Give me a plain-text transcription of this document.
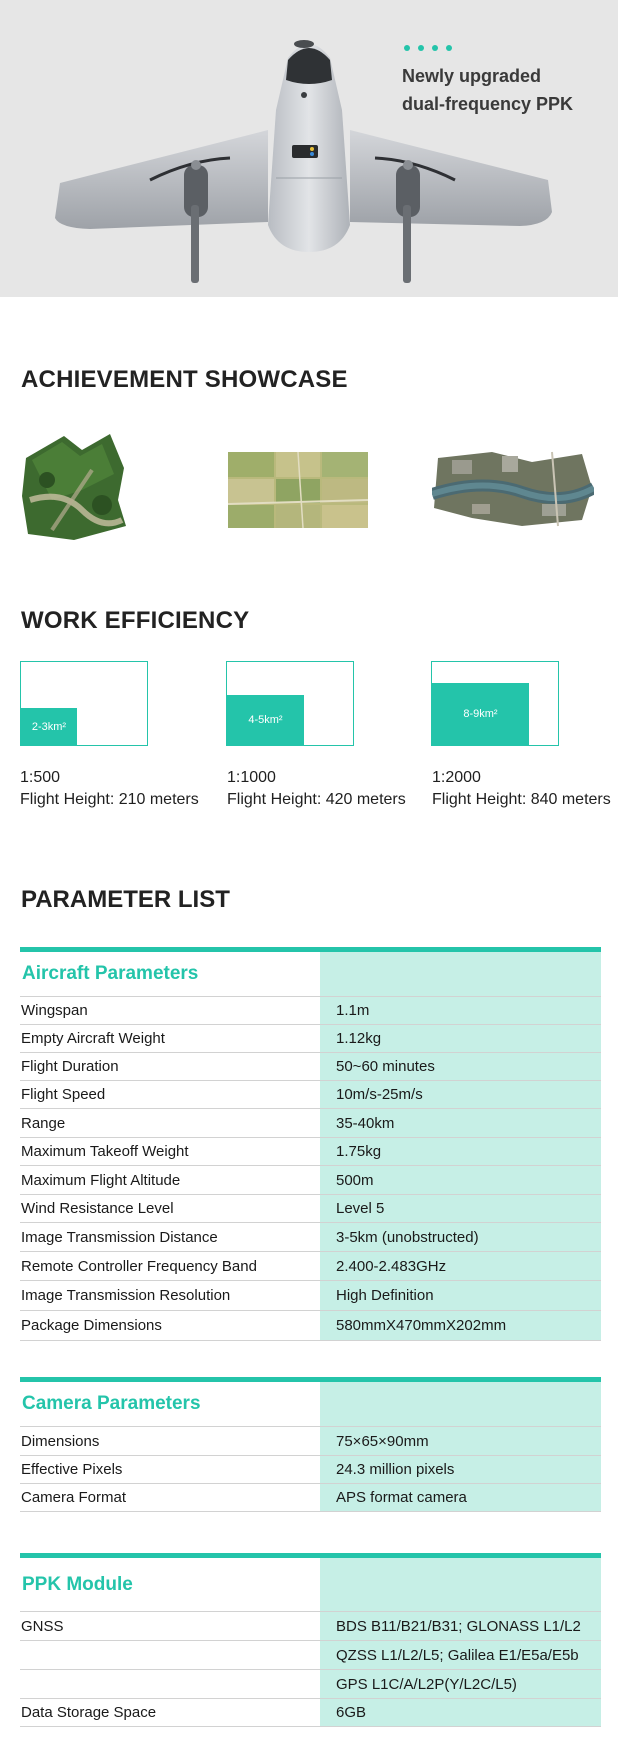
Newly upgraded
dual-frequency PPK
ACHIEVEMENT SHOWCASE
WORK EFFICIENCY
2-3km²
4-5km²	8-9km²
1:500
Flight Height: 210 meters
1:1000
Flight Height: 420 meters
1:2000
Flight Height: 840 meters
PARAMETER LIST
Aircraft Parameters
Wingspan	1.1m
Empty Aircraft Weight	1.12kg
Flight Duration	50~60 minutes
Flight Speed	10m/s-25m/s
Range	35-40km
Maximum Takeoff Weight	1.75kg
Maximum Flight Altitude	500m
Wind Resistance Level	Level 5
Image Transmission Distance	3-5km (unobstructed)
Remote Controller Frequency Band	2.400-2.483GHz
Image Transmission Resolution	High Definition
Package Dimensions	580mmX470mmX202mm
Camera Parameters
Dimensions	75×65×90mm
Effective Pixels	24.3 million pixels
Camera Format	APS format camera
PPK Module
GNSS	BDS B11/B21/B31; GLONASS L1/L2
QZSS L1/L2/L5; Galilea E1/E5a/E5b
GPS L1C/A/L2P(Y/L2C/L5)
Data Storage Space	6GB
